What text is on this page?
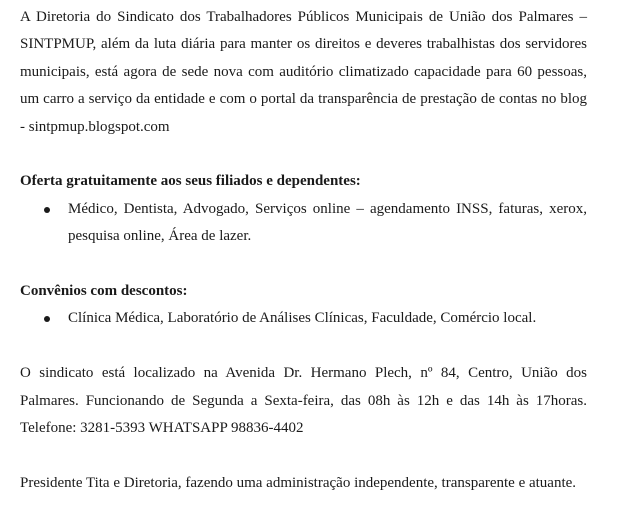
A Diretoria do Sindicato dos Trabalhadores Públicos Municipais de União dos Palmares – SINTPMUP, além da luta diária para manter os direitos e deveres trabalhistas dos servidores municipais, está agora de sede nova com auditório climatizado capacidade para 60 pessoas, um carro a serviço da entidade e com o portal da transparência de prestação de contas no blog - sintpmup.blogspot.com

Oferta gratuitamente aos seus filiados e dependentes:

Médico, Dentista, Advogado, Serviços online – agendamento INSS, faturas, xerox, pesquisa online, Área de lazer.

Convênios com descontos:

Clínica Médica, Laboratório de Análises Clínicas, Faculdade, Comércio local.

O sindicato está localizado na Avenida Dr. Hermano Plech, nº 84, Centro, União dos Palmares. Funcionando de Segunda a Sexta-feira, das 08h às 12h e das 14h às 17horas. Telefone: 3281-5393 WHATSAPP 98836-4402

Presidente Tita e Diretoria, fazendo uma administração independente, transparente e atuante.
